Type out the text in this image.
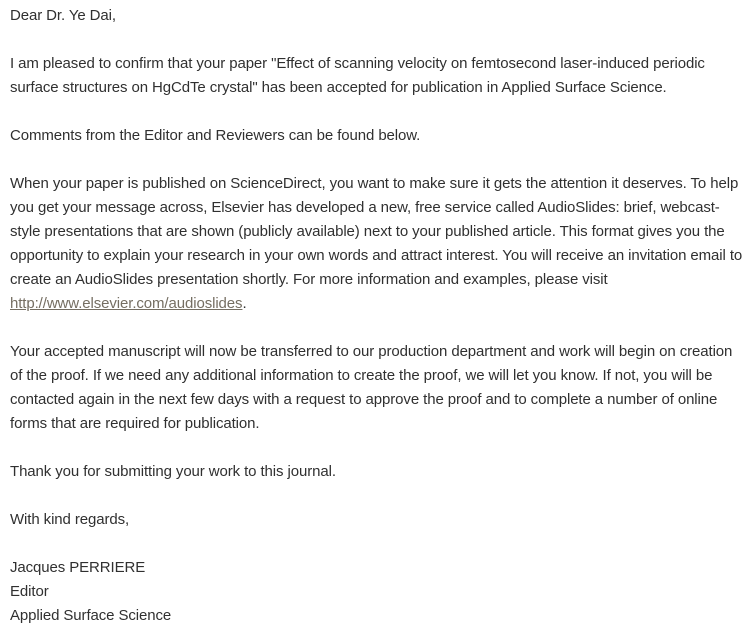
Dear Dr. Ye Dai,

I am pleased to confirm that your paper "Effect of scanning velocity on femtosecond laser-induced periodic surface structures on HgCdTe crystal" has been accepted for publication in Applied Surface Science.

Comments from the Editor and Reviewers can be found below.

When your paper is published on ScienceDirect, you want to make sure it gets the attention it deserves. To help you get your message across, Elsevier has developed a new, free service called AudioSlides: brief, webcast-style presentations that are shown (publicly available) next to your published article. This format gives you the opportunity to explain your research in your own words and attract interest. You will receive an invitation email to create an AudioSlides presentation shortly. For more information and examples, please visit http://www.elsevier.com/audioslides.

Your accepted manuscript will now be transferred to our production department and work will begin on creation of the proof. If we need any additional information to create the proof, we will let you know. If not, you will be contacted again in the next few days with a request to approve the proof and to complete a number of online forms that are required for publication.

Thank you for submitting your work to this journal.

With kind regards,

Jacques PERRIERE
Editor
Applied Surface Science
